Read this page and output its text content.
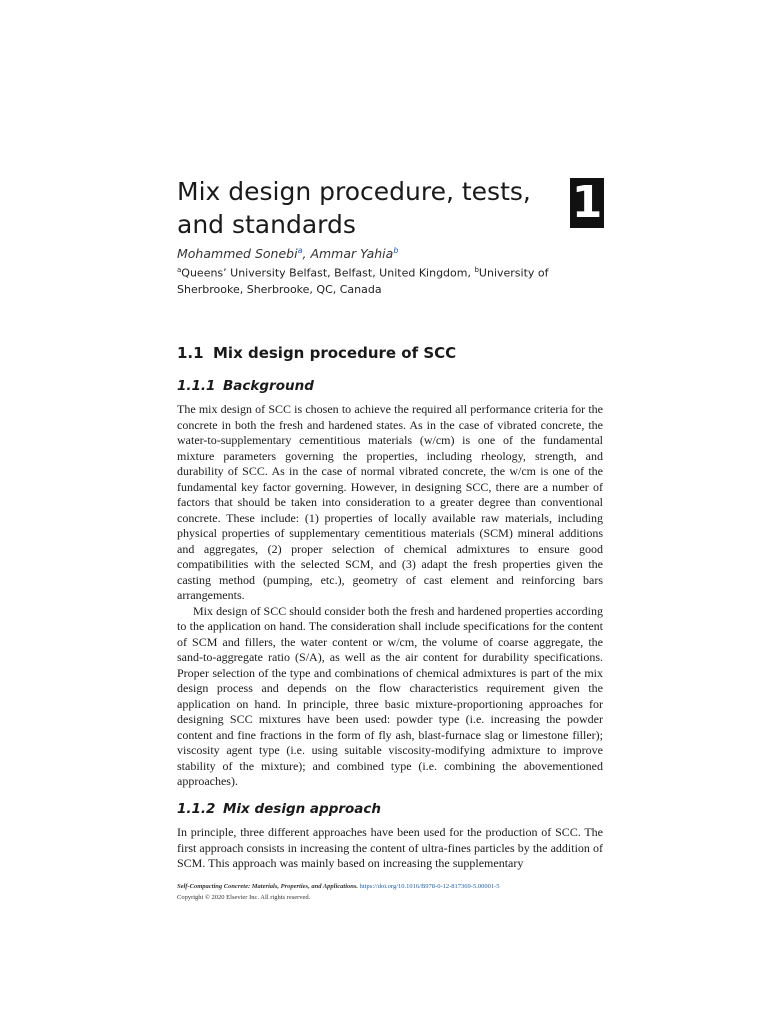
Mix design procedure, tests, and standards	1
Mohammed Sonebi$^a$, Ammar Yahia$^b$
$^a$Queens’ University Belfast, Belfast, United Kingdom, $^b$University of Sherbrooke, Sherbrooke, QC, Canada
1.1 Mix design procedure of SCC
1.1.1 Background

The mix design of SCC is chosen to achieve the required all performance criteria for the concrete in both the fresh and hardened states. As in the case of vibrated concrete, the water-to-supplementary cementitious materials (w/cm) is one of the fundamental mixture parameters governing the properties, including rheology, strength, and durability of SCC. As in the case of normal vibrated concrete, the w/cm is one of the fundamental key factor governing. However, in designing SCC, there are a number of factors that should be taken into consideration to a greater degree than conventional concrete. These include: (1) properties of locally available raw materials, including physical properties of supplementary cementitious materials (SCM) mineral additions and aggregates, (2) proper selection of chemical admixtures to ensure good compatibilities with the selected SCM, and (3) adapt the fresh properties given the casting method (pumping, etc.), geometry of cast element and reinforcing bars arrangements.

Mix design of SCC should consider both the fresh and hardened properties according to the application on hand. The consideration shall include specifications for the content of SCM and fillers, the water content or w/cm, the volume of coarse aggregate, the sand-to-aggregate ratio (S/A), as well as the air content for durability specifications. Proper selection of the type and combinations of chemical admixtures is part of the mix design process and depends on the flow characteristics requirement given the application on hand. In principle, three basic mixture-proportioning approaches for designing SCC mixtures have been used: powder type (i.e. increasing the powder content and fine fractions in the form of fly ash, blast-furnace slag or limestone filler); viscosity agent type (i.e. using suitable viscosity-modifying admixture to improve stability of the mixture); and combined type (i.e. combining the abovementioned approaches).

1.1.2 Mix design approach

In principle, three different approaches have been used for the production of SCC. The first approach consists in increasing the content of ultra-fines particles by the addition of SCM. This approach was mainly based on increasing the supplementary

Self-Compacting Concrete: Materials, Properties, and Applications. https://doi.org/10.1016/B978-0-12-817369-5.00001-5
Copyright © 2020 Elsevier Inc. All rights reserved.
